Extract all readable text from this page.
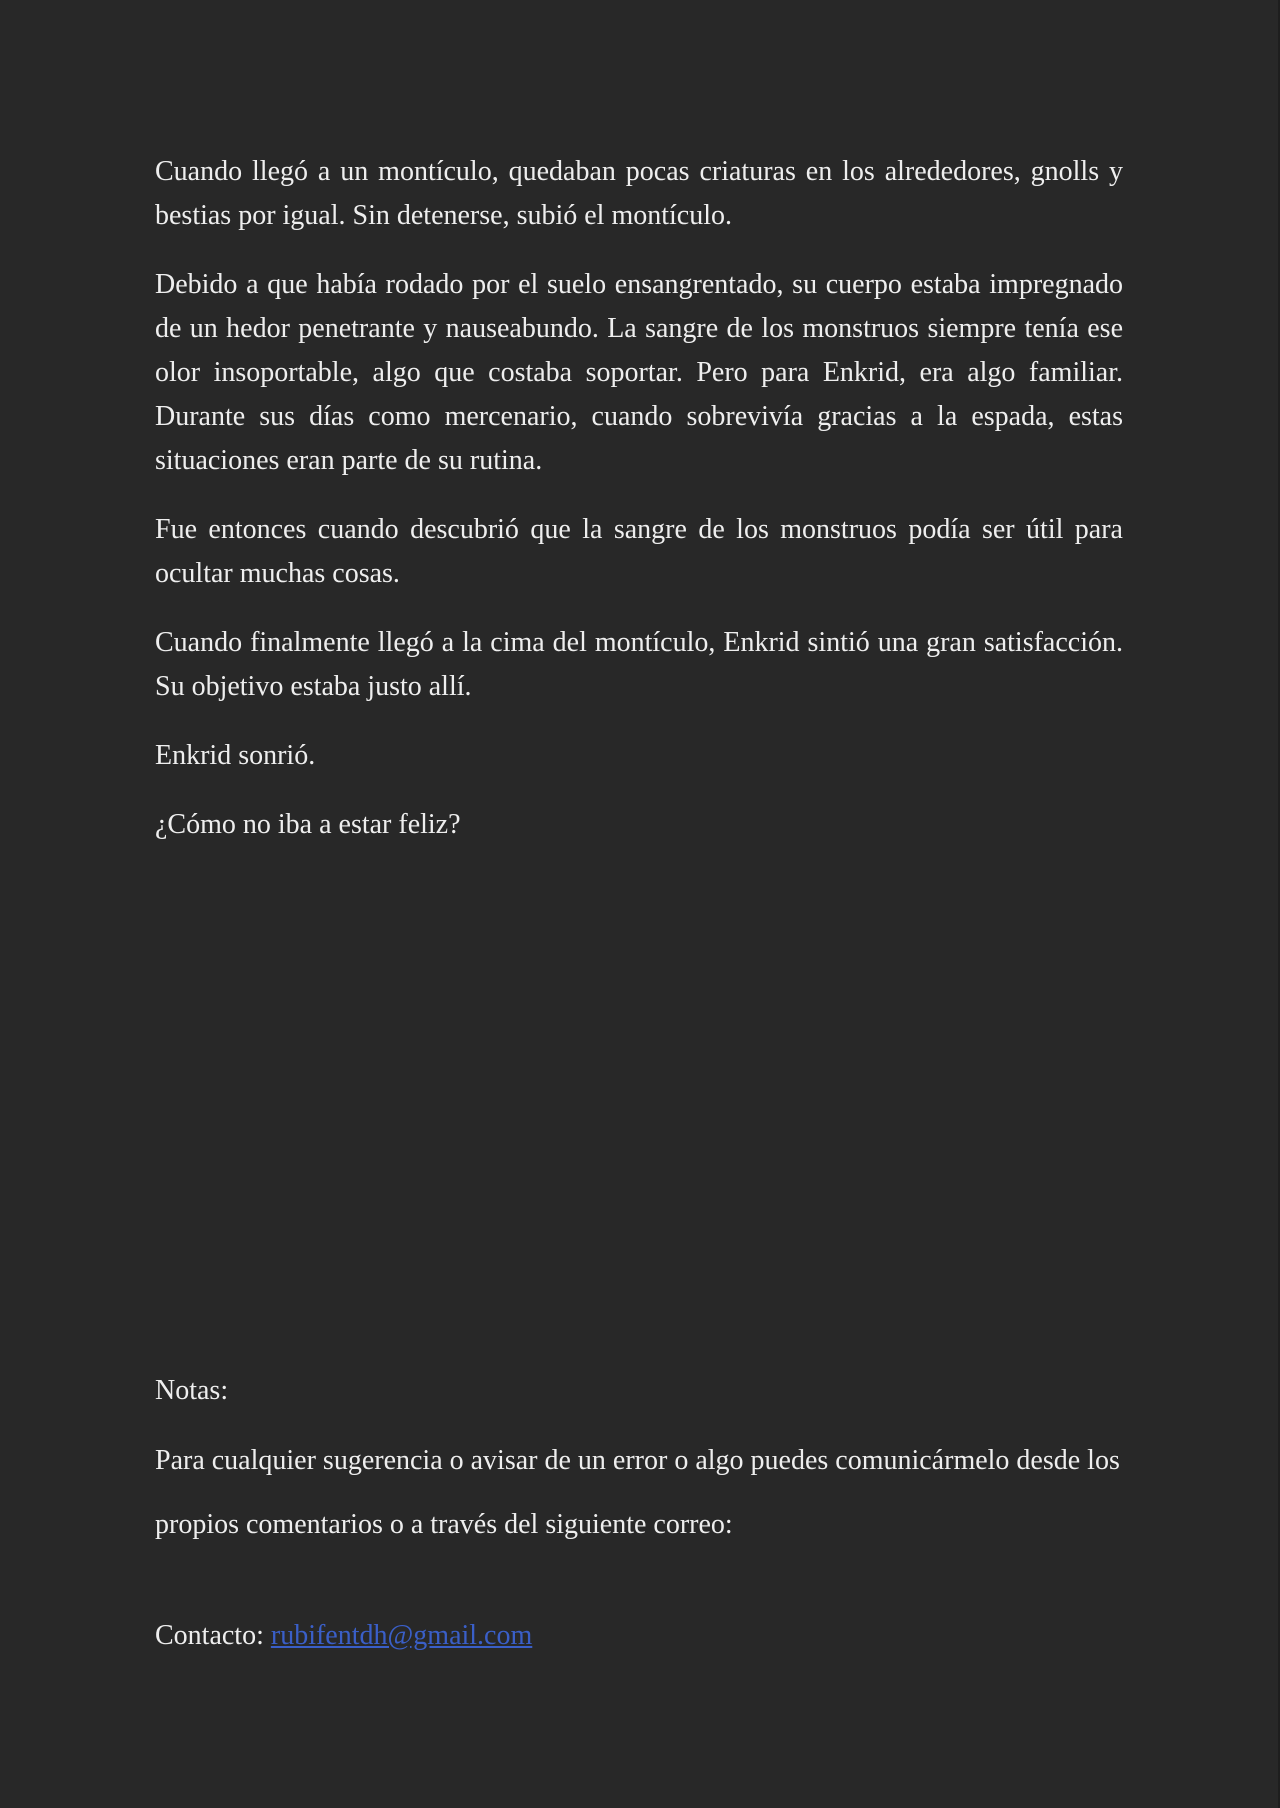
Cuando llegó a un montículo, quedaban pocas criaturas en los alrededores, gnolls y bestias por igual. Sin detenerse, subió el montículo.

Debido a que había rodado por el suelo ensangrentado, su cuerpo estaba impregnado de un hedor penetrante y nauseabundo. La sangre de los monstruos siempre tenía ese olor insoportable, algo que costaba soportar. Pero para Enkrid, era algo familiar. Durante sus días como mercenario, cuando sobrevivía gracias a la espada, estas situaciones eran parte de su rutina.

Fue entonces cuando descubrió que la sangre de los monstruos podía ser útil para ocultar muchas cosas.

Cuando finalmente llegó a la cima del montículo, Enkrid sintió una gran satisfacción. Su objetivo estaba justo allí.

Enkrid sonrió.

¿Cómo no iba a estar feliz?

Notas:

Para cualquier sugerencia o avisar de un error o algo puedes comunicármelo desde los propios comentarios o a través del siguiente correo:

Contacto: rubifentdh@gmail.com
